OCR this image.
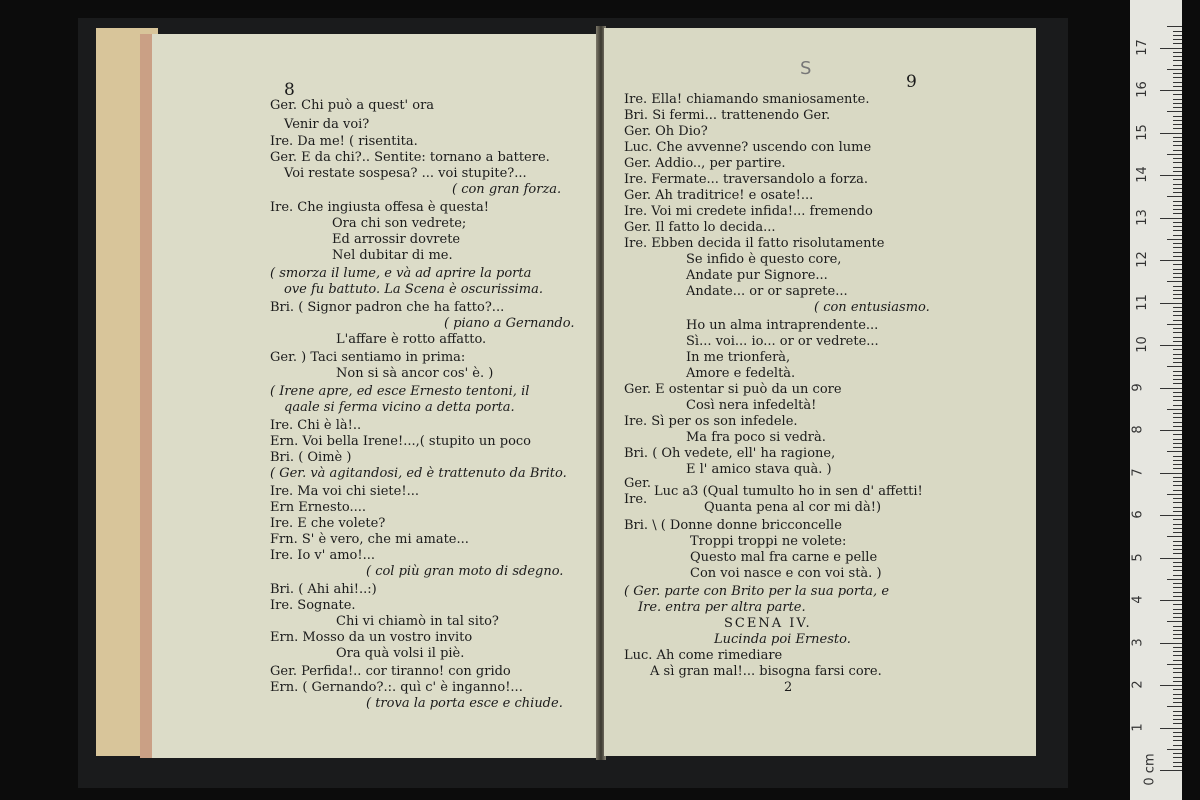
8
Ger. Chi può a quest' ora
Venir da voi?
Ire. Da me! ( risentita.
Ger. E da chi?.. Sentite: tornano a battere.
Voi restate sospesa? ... voi stupite?...
( con gran forza.
Ire. Che ingiusta offesa è questa!
Ora chi son vedrete;
Ed arrossir dovrete
Nel dubitar di me.
( smorza il lume, e và ad aprire la porta
ove fu battuto. La Scena è oscurissima.
Bri. ( Signor padron che ha fatto?...
( piano a Gernando.
L'affare è rotto affatto.
Ger. ) Taci sentiamo in prima:
Non si sà ancor cos' è. )
( Irene apre, ed esce Ernesto tentoni, il
qaale si ferma vicino a detta porta.
Ire. Chi è là!..
Ern. Voi bella Irene!...,( stupito un poco
Bri. ( Oimè )
( Ger. và agitandosi, ed è trattenuto da Brito.
Ire. Ma voi chi siete!...
Ern Ernesto....
Ire. E che volete?
Frn. S' è vero, che mi amate...
Ire. Io v' amo!...
( col più gran moto di sdegno.
Bri. ( Ahi ahi!..:)
Ire. Sognate.
Chi vi chiamò in tal sito?
Ern. Mosso da un vostro invito
Ora quà volsi il piè.
Ger. Perfida!.. cor tiranno! con grido
Ern. ( Gernando?.:. quì c' è inganno!...
( trova la porta esce e chiude.
S
9
Ire. Ella! chiamando smaniosamente.
Bri. Si fermi... trattenendo Ger.
Ger. Oh Dio?
Luc. Che avvenne? uscendo con lume
Ger. Addio.., per partire.
Ire. Fermate... traversandolo a forza.
Ger. Ah traditrice! e osate!...
Ire. Voi mi credete infida!... fremendo
Ger. Il fatto lo decida...
Ire. Ebben decida il fatto risolutamente
Se infido è questo core,
Andate pur Signore...
Andate... or or saprete...
( con entusiasmo.
Ho un alma intraprendente...
Sì... voi... io... or or vedrete...
In me trionferà,
Amore e fedeltà.
Ger. E ostentar si può da un core
Così nera infedeltà!
Ire. Sì per os son infedele.
Ma fra poco si vedrà.
Bri. ( Oh vedete, ell' ha ragione,
E l' amico stava quà. )
Ger.
Luc a3 (Qual tumulto ho in sen d' affetti!
Ire.
Quanta pena al cor mi dà!)
Bri. \ ( Donne donne bricconcelle
Troppi troppi ne volete:
Questo mal fra carne e pelle
Con voi nasce e con voi stà. )
( Ger. parte con Brito per la sua porta, e
Ire. entra per altra parte.
SCENA IV.
Lucinda poi Ernesto.
Luc. Ah come rimediare
A sì gran mal!... bisogna farsi core.
2
0 cm
1
2
3
4
5
6
7
8
9
10
11
12
13
14
15
16
17
